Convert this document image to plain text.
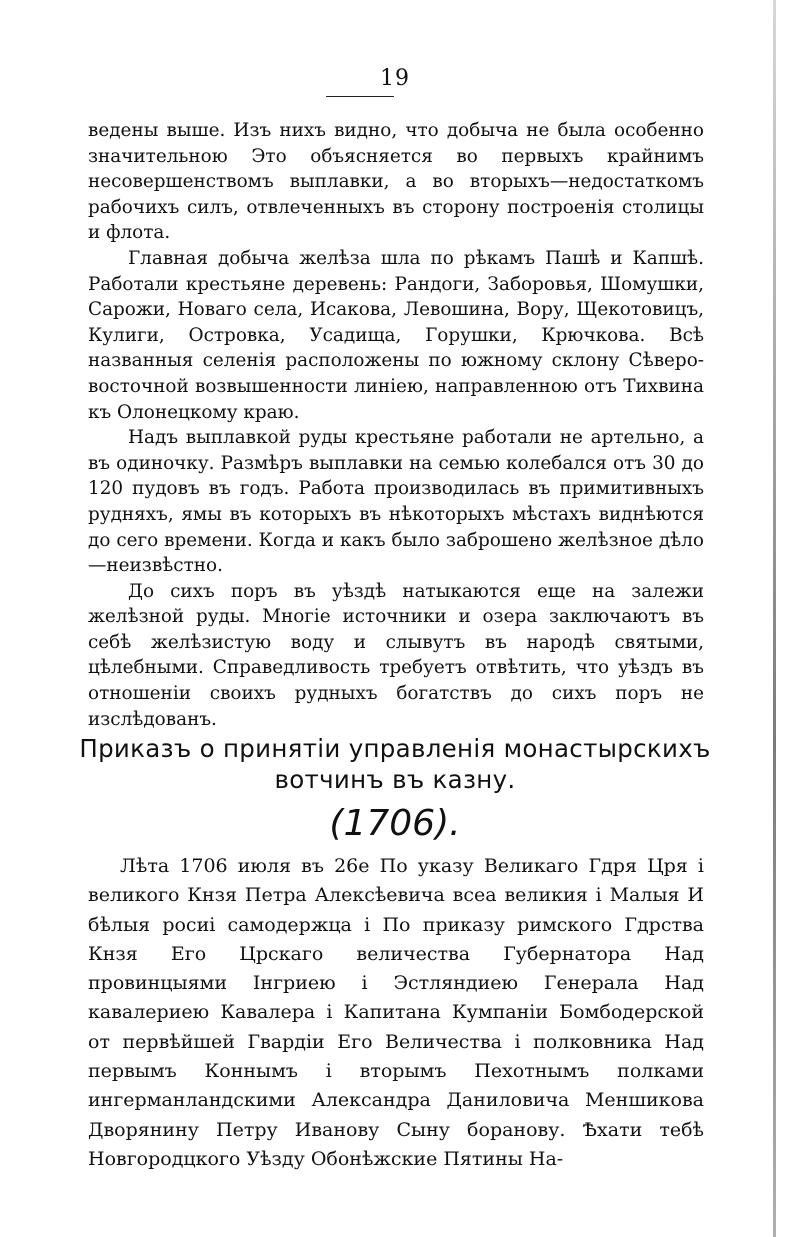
19

ведены выше. Изъ нихъ видно, что добыча не была особенно значительною Это объясняется во первыхъ крайнимъ несовершенствомъ выплавки, а во вторыхъ—недостаткомъ рабочихъ силъ, отвлеченныхъ въ сторону построенія столицы и флота.

Главная добыча желѣза шла по рѣкамъ Пашѣ и Капшѣ. Работали крестьяне деревень: Рандоги, Заборовья, Шомушки, Сарожи, Новаго села, Исакова, Левошина, Вору, Щекотовицъ, Кулиги, Островка, Усадища, Горушки, Крючкова. Всѣ названныя селенія расположены по южному склону Сѣверо-восточной возвышенности линіею, направленною отъ Тихвина къ Олонецкому краю.

Надъ выплавкой руды крестьяне работали не артельно, а въ одиночку. Размѣръ выплавки на семью колебался отъ 30 до 120 пудовъ въ годъ. Работа производилась въ примитивныхъ рудняхъ, ямы въ которыхъ въ нѣкоторыхъ мѣстахъ виднѣются до сего времени. Когда и какъ было заброшено желѣзное дѣло—неизвѣстно.

До сихъ поръ въ уѣздѣ натыкаются еще на залежи желѣзной руды. Многіе источники и озера заключаютъ въ себѣ желѣзистую воду и слывутъ въ народѣ святыми, цѣлебными. Справедливость требуетъ отвѣтить, что уѣздъ въ отношеніи своихъ рудныхъ богатствъ до сихъ поръ не изслѣдованъ.

Приказъ о принятіи управленія монастырскихъ
вотчинъ въ казну.
(1706).

Лѣта 1706 июля въ 26е По указу Великаго Гдря Цря і великого Кнзя Петра Алексѣевича всеа великия і Малыя И бѣлыя росиі самодержца і По приказу римского Гдрства Кнзя Его Црскаго величества Губернатора Над провинцыями Інгриею і Эстляндиею Генерала Над кавалериею Кавалера і Капитана Кумпаніи Бомбодерской от первѣйшей Гвардіи Его Величества і полковника Над первымъ Коннымъ і вторымъ Пехотнымъ полками ингерманландскими Александра Даниловича Меншикова Дворянину Петру Иванову Сыну боранову. Ѣхати тебѣ Новгородцкого Уѣзду Обонѣжские Пятины На-
